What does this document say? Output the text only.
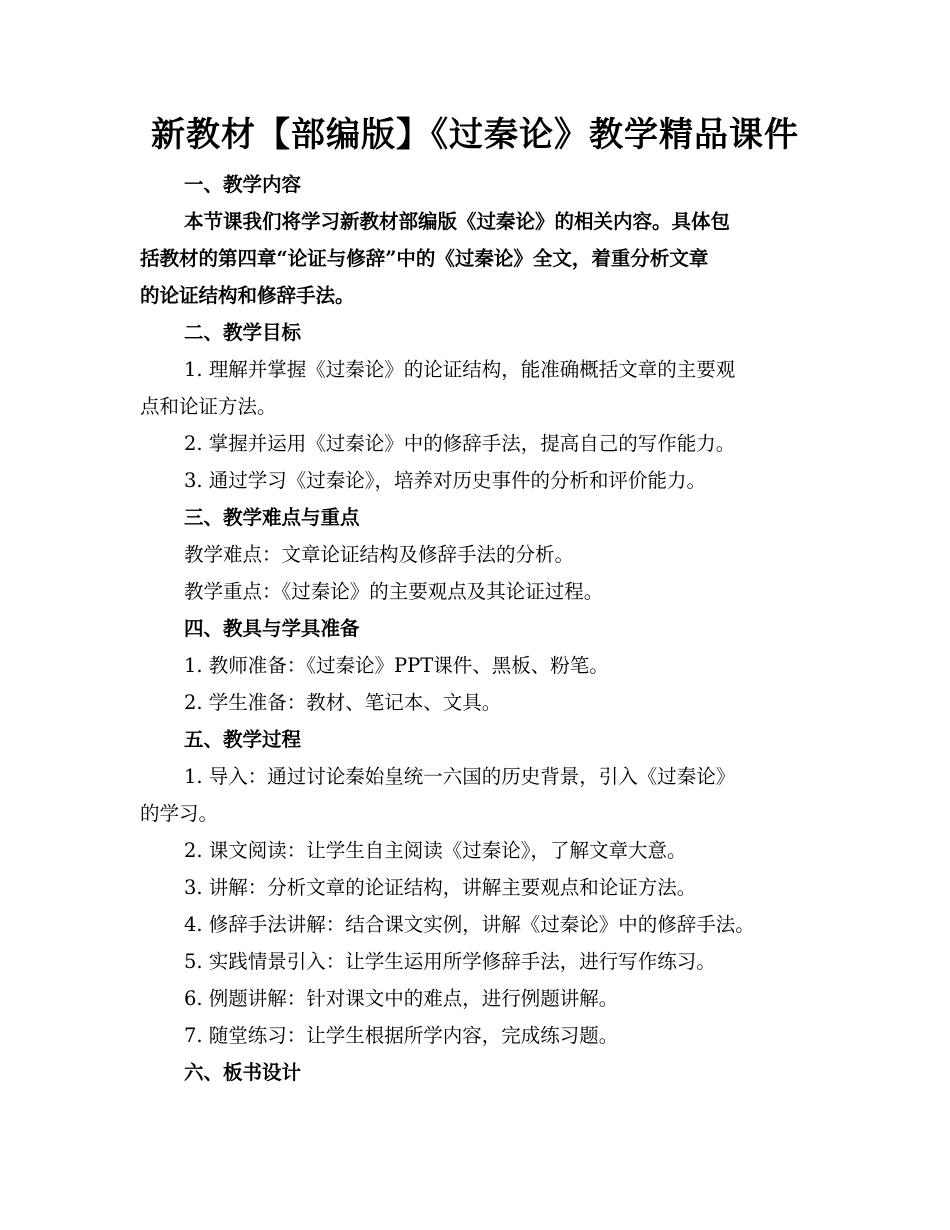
新教材【部编版】《过秦论》教学精品课件

一、教学内容

本节课我们将学习新教材部编版《过秦论》的相关内容。具体包

括教材的第四章“论证与修辞”中的《过秦论》全文，着重分析文章

的论证结构和修辞手法。

二、教学目标

1. 理解并掌握《过秦论》的论证结构，能准确概括文章的主要观

点和论证方法。

2. 掌握并运用《过秦论》中的修辞手法，提高自己的写作能力。

3. 通过学习《过秦论》，培养对历史事件的分析和评价能力。

三、教学难点与重点

教学难点：文章论证结构及修辞手法的分析。

教学重点：《过秦论》的主要观点及其论证过程。

四、教具与学具准备

1. 教师准备：《过秦论》PPT课件、黑板、粉笔。

2. 学生准备：教材、笔记本、文具。

五、教学过程

1. 导入：通过讨论秦始皇统一六国的历史背景，引入《过秦论》

的学习。

2. 课文阅读：让学生自主阅读《过秦论》，了解文章大意。

3. 讲解：分析文章的论证结构，讲解主要观点和论证方法。

4. 修辞手法讲解：结合课文实例，讲解《过秦论》中的修辞手法。

5. 实践情景引入：让学生运用所学修辞手法，进行写作练习。

6. 例题讲解：针对课文中的难点，进行例题讲解。

7. 随堂练习：让学生根据所学内容，完成练习题。

六、板书设计
